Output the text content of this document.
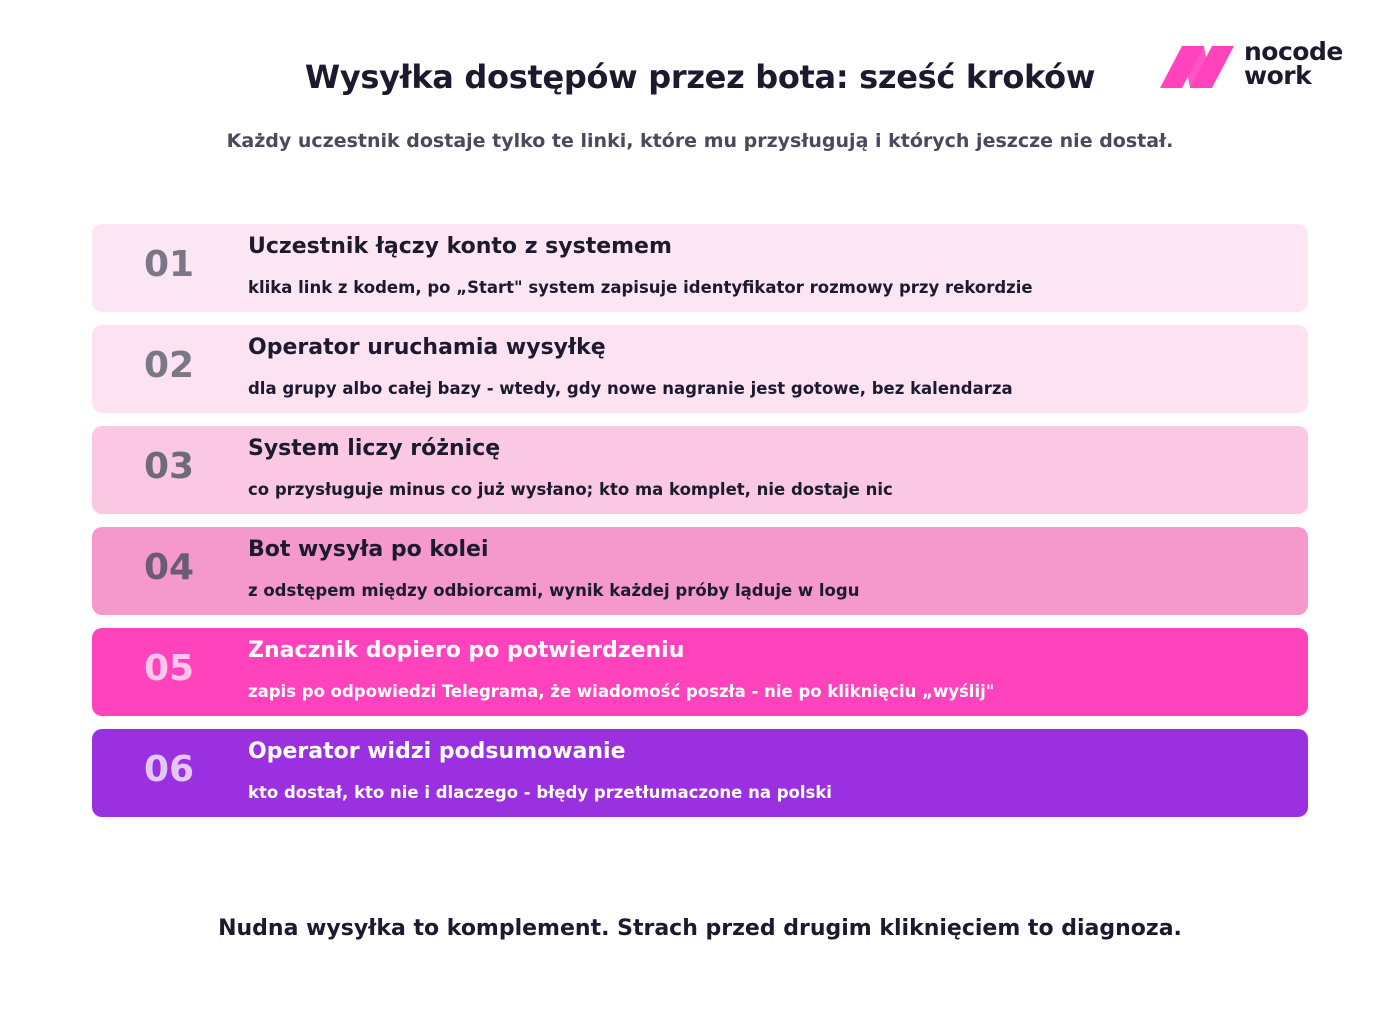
Wysyłka dostępów przez bota: sześć kroków
Każdy uczestnik dostaje tylko te linki, które mu przysługują i których jeszcze nie dostał.
nocode
work
01 Uczestnik łączy konto z systemem
klika link z kodem, po „Start" system zapisuje identyfikator rozmowy przy rekordzie
02 Operator uruchamia wysyłkę
dla grupy albo całej bazy - wtedy, gdy nowe nagranie jest gotowe, bez kalendarza
03 System liczy różnicę
co przysługuje minus co już wysłano; kto ma komplet, nie dostaje nic
04 Bot wysyła po kolei
z odstępem między odbiorcami, wynik każdej próby ląduje w logu
05 Znacznik dopiero po potwierdzeniu
zapis po odpowiedzi Telegrama, że wiadomość poszła - nie po kliknięciu „wyślij"
06 Operator widzi podsumowanie
kto dostał, kto nie i dlaczego - błędy przetłumaczone na polski
Nudna wysyłka to komplement. Strach przed drugim kliknięciem to diagnoza.
